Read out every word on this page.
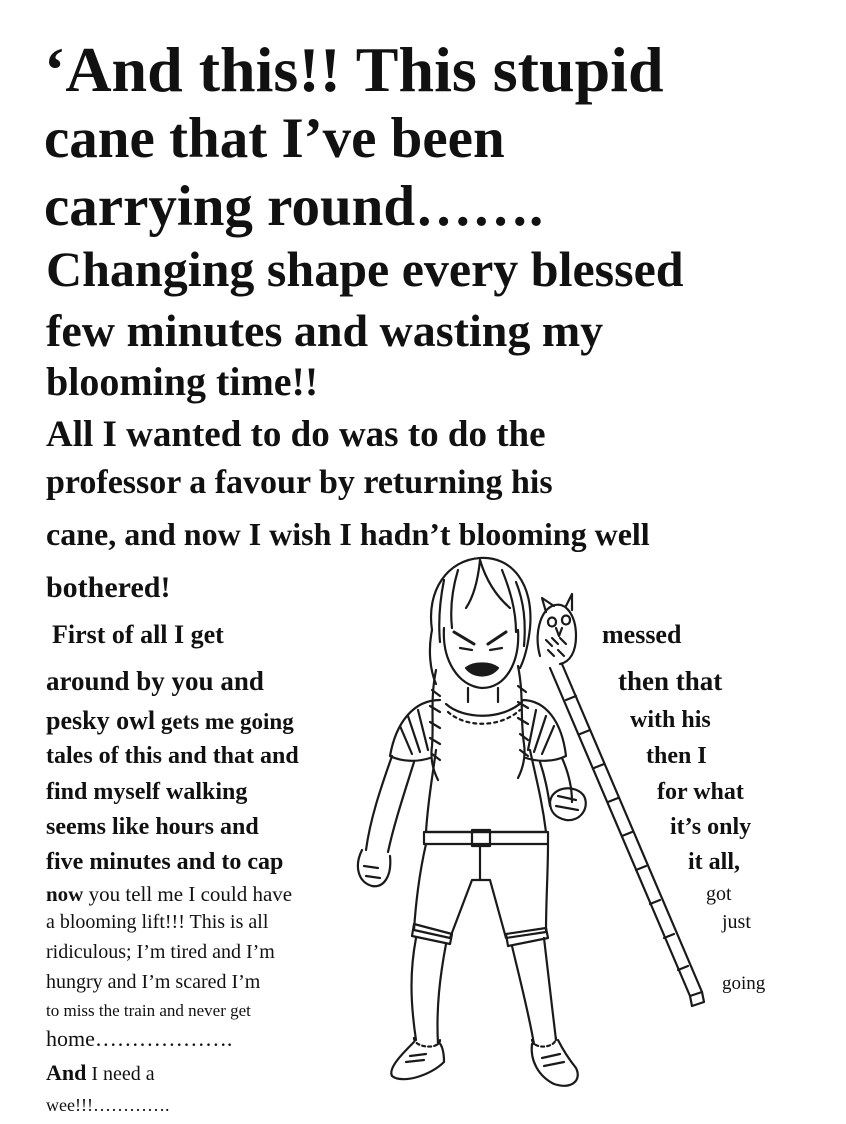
‘And this!! This stupid
cane that I’ve been
carrying round…….
Changing shape every blessed
few minutes and wasting my
blooming time!!
All I wanted to do was to do the
professor a favour by returning his
cane, and now I wish I hadn’t blooming well
bothered!
First of all I get
around by you and
pesky owl gets me going
tales of this and that and
find myself walking
seems like hours and
five minutes and to cap
now you tell me I could have
a blooming lift!!! This is all
ridiculous; I’m tired and I’m
hungry and I’m scared I’m
to miss the train and never get
home……………….
And I need a
wee!!!………….
messed
then that
with his
then I
for what
it’s only
it all,
got
just
going
